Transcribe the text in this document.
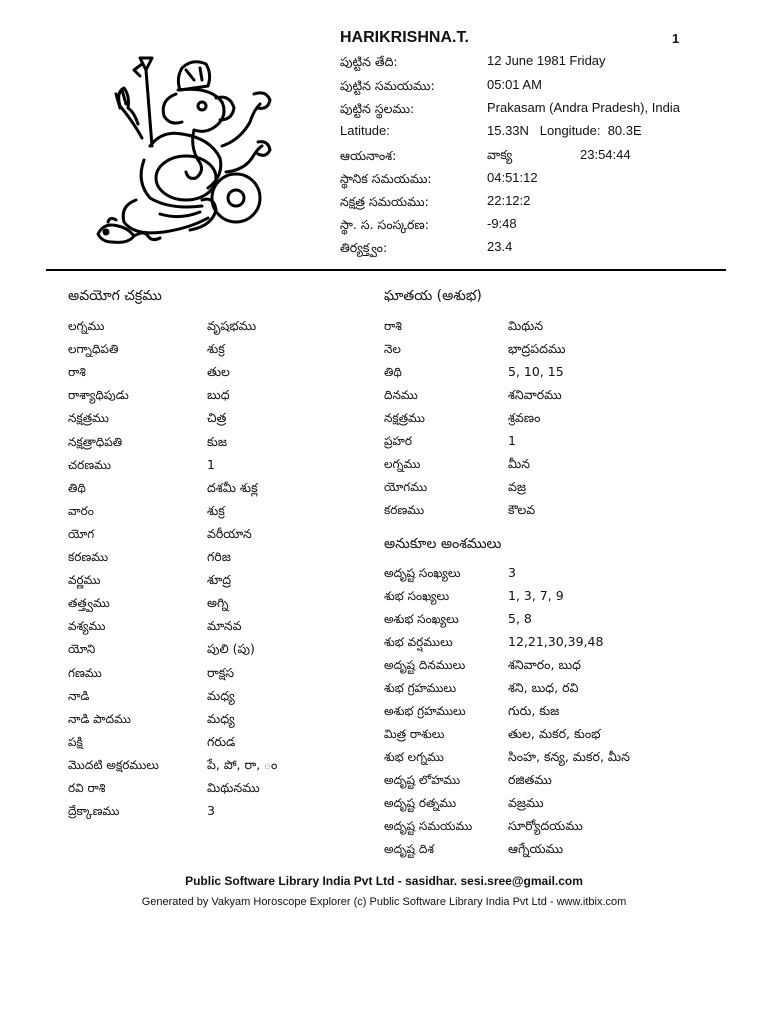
HARIKRISHNA.T.	1
పుట్టిన తేది:	12 June 1981 Friday
పుట్టిన సమయము:	05:01 AM
పుట్టిన స్థలము:	Prakasam (Andra Pradesh), India
Latitude:	15.33N   Longitude:  80.3E
ఆయనాంశ:	వాక్య	23:54:44
స్థానిక సమయము:	04:51:12
నక్షత్ర సమయము:	22:12:2
స్థా. స. సంస్కరణ:	-9:48
తిర్యక్త్వం:	23.4
అవయోగ చక్రము
లగ్నము	వృషభము
లగ్నాధిపతి	శుక్ర
రాశి	తుల
రాశ్యాధిపుడు	బుధ
నక్షత్రము	చిత్ర
నక్షత్రాధిపతి	కుజ
చరణము	1
తిథి	దశమీ శుక్ల
వారం	శుక్ర
యోగ	వరీయాన
కరణము	గరిజ
వర్ణము	శూద్ర
తత్త్వము	అగ్ని
వశ్యము	మానవ
యోని	పులి (పు)
గణము	రాక్షస
నాడి	మధ్య
నాడి పాదము	మధ్య
పక్షి	గరుడ
మొదటి అక్షరములు	పే, పో, రా, ం
రవి రాశి	మిథునము
ద్రేక్కాణము	3
ఘాతయ (అశుభ)
రాశి	మిథున
నెల	భాద్రపదము
తిథి	5, 10, 15
దినము	శనివారము
నక్షత్రము	శ్రవణం
ప్రహర	1
లగ్నము	మీన
యోగము	వజ్ర
కరణము	కౌలవ
అనుకూల అంశములు
అదృష్ట సంఖ్యలు	3
శుభ సంఖ్యలు	1, 3, 7, 9
అశుభ సంఖ్యలు	5, 8
శుభ వర్షములు	12,21,30,39,48
అదృష్ట దినములు	శనివారం, బుధ
శుభ గ్రహములు	శని, బుధ, రవి
అశుభ గ్రహములు	గురు, కుజ
మిత్ర రాశులు	తుల, మకర, కుంభ
శుభ లగ్నము	సింహ, కన్య, మకర, మీన
అదృష్ట లోహము	రజితము
అదృష్ట రత్నము	వజ్రము
అదృష్ట సమయము	సూర్యోదయము
అదృష్ట దిశ	ఆగ్నేయము
Public Software Library India Pvt Ltd - sasidhar. sesi.sree@gmail.com
Generated by Vakyam Horoscope Explorer (c) Public Software Library India Pvt Ltd - www.itbix.com
